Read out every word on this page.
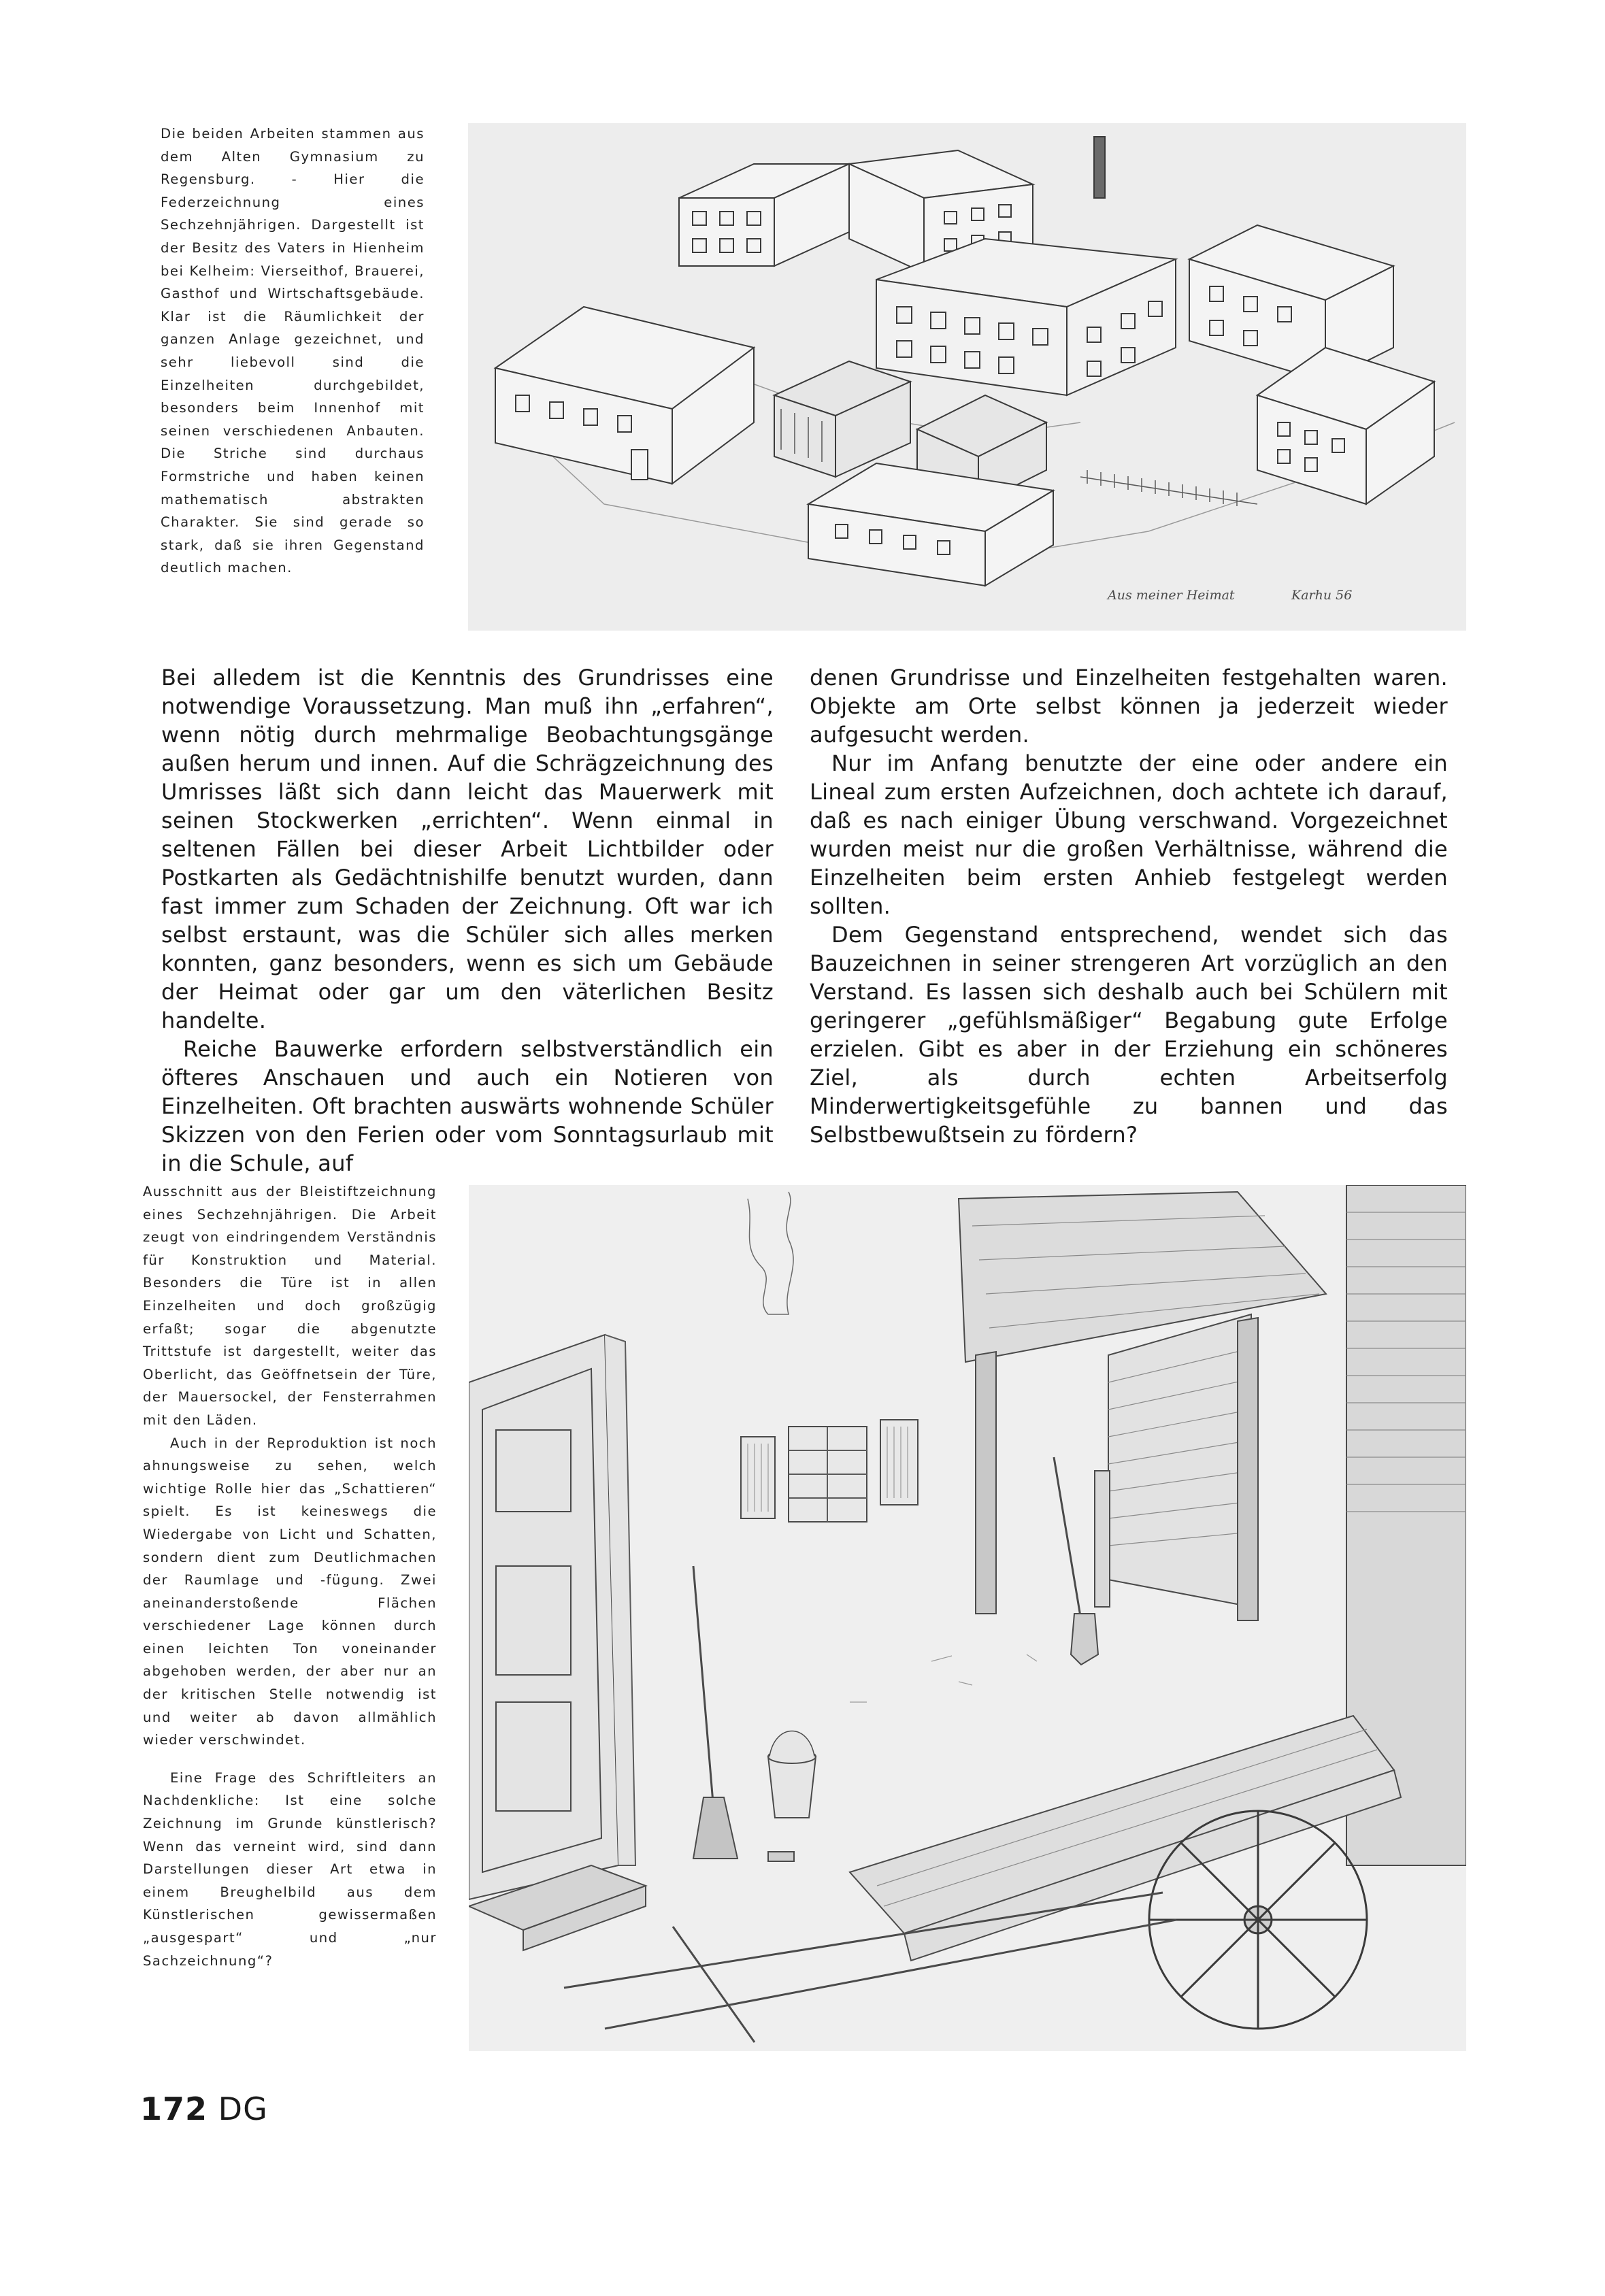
Die beiden Arbeiten stammen aus dem Alten Gymnasium zu Regensburg. - Hier die Federzeichnung eines Sechzehnjährigen. Dargestellt ist der Besitz des Vaters in Hienheim bei Kelheim: Vierseithof, Brauerei, Gasthof und Wirtschaftsgebäude. Klar ist die Räumlichkeit der ganzen Anlage gezeichnet, und sehr liebevoll sind die Einzelheiten durchgebildet, besonders beim Innenhof mit seinen verschiedenen Anbauten. Die Striche sind durchaus Formstriche und haben keinen mathematisch abstrakten Charakter. Sie sind gerade so stark, daß sie ihren Gegenstand deutlich machen.

Aus meiner Heimat	Karhu 56

Bei alledem ist die Kenntnis des Grundrisses eine notwendige Voraussetzung. Man muß ihn „erfahren“, wenn nötig durch mehrmalige Beobachtungsgänge außen herum und innen. Auf die Schrägzeichnung des Umrisses läßt sich dann leicht das Mauerwerk mit seinen Stockwerken „errichten“. Wenn einmal in seltenen Fällen bei dieser Arbeit Lichtbilder oder Postkarten als Gedächtnishilfe benutzt wurden, dann fast immer zum Schaden der Zeichnung. Oft war ich selbst erstaunt, was die Schüler sich alles merken konnten, ganz besonders, wenn es sich um Gebäude der Heimat oder gar um den väterlichen Besitz handelte.

Reiche Bauwerke erfordern selbstverständlich ein öfteres Anschauen und auch ein Notieren von Einzelheiten. Oft brachten auswärts wohnende Schüler Skizzen von den Ferien oder vom Sonntagsurlaub mit in die Schule, auf

denen Grundrisse und Einzelheiten festgehalten waren. Objekte am Orte selbst können ja jederzeit wieder aufgesucht werden.

Nur im Anfang benutzte der eine oder andere ein Lineal zum ersten Aufzeichnen, doch achtete ich darauf, daß es nach einiger Übung verschwand. Vorgezeichnet wurden meist nur die großen Verhältnisse, während die Einzelheiten beim ersten Anhieb festgelegt werden sollten.

Dem Gegenstand entsprechend, wendet sich das Bauzeichnen in seiner strengeren Art vorzüglich an den Verstand. Es lassen sich deshalb auch bei Schülern mit geringerer „gefühlsmäßiger“ Begabung gute Erfolge erzielen. Gibt es aber in der Erziehung ein schöneres Ziel, als durch echten Arbeitserfolg Minderwertigkeitsgefühle zu bannen und das Selbstbewußtsein zu fördern?

Ausschnitt aus der Bleistiftzeichnung eines Sechzehnjährigen. Die Arbeit zeugt von eindringendem Verständnis für Konstruktion und Material. Besonders die Türe ist in allen Einzelheiten und doch großzügig erfaßt; sogar die abgenutzte Trittstufe ist dargestellt, weiter das Oberlicht, das Geöffnetsein der Türe, der Mauersockel, der Fensterrahmen mit den Läden.

Auch in der Reproduktion ist noch ahnungsweise zu sehen, welch wichtige Rolle hier das „Schattieren“ spielt. Es ist keineswegs die Wiedergabe von Licht und Schatten, sondern dient zum Deutlichmachen der Raumlage und -fügung. Zwei aneinanderstoßende Flächen verschiedener Lage können durch einen leichten Ton voneinander abgehoben werden, der aber nur an der kritischen Stelle notwendig ist und weiter ab davon allmählich wieder verschwindet.

Eine Frage des Schriftleiters an Nachdenkliche: Ist eine solche Zeichnung im Grunde künstlerisch? Wenn das verneint wird, sind dann Darstellungen dieser Art etwa in einem Breughelbild aus dem Künstlerischen gewissermaßen „ausgespart“ und „nur Sachzeichnung“?

172 DG
